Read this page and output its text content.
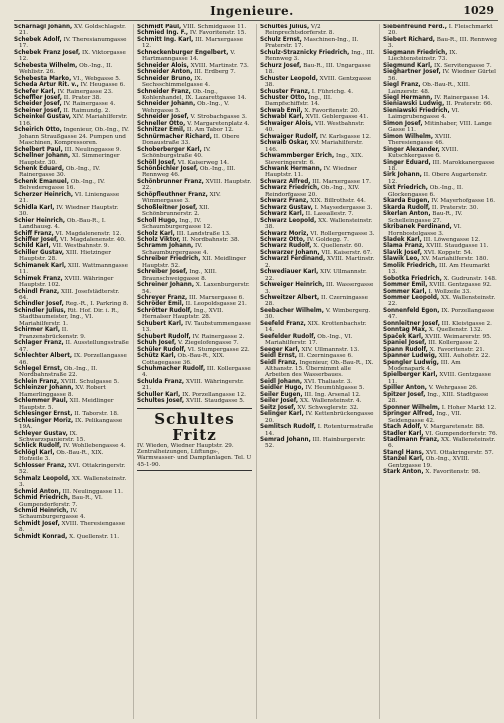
Ingenieure.	1029
Scharnagl Johann, XV. Goldschlagstr. 21.
Schebek Adolf, IV. Theresianumgasse 17.
Schebek Franz Josef, IX. Viktorgasse 12.
Schebesta Wilhelm, Ob.-Ing., II. Wehlistr. 26.
Schebesta Marko, VI., Webgasse 5.
Scheda Artur Rit. v., IV. Heugasse 6.
Schefer Karl, IV. Rainergasse 23.
Scheffler Josef, II. Prater 38.
Scheider Josef, IV. Rainergasse 4.
Scheiner Josef, II. Raimundg. 2.
Scheinkel Gustav, XIV. Mariahilferstr. 116.
Scheirich Otto, Ingenieur, Ob.-Ing., IV. Johann Straußgasse 24. Pumpen und Maschinen, Kompressoren.
Schelbert Paul, III. Neulinggasse 9.
Schellner Johann, XI. Simmeringer Hauptstr. 30.
Schenk Eduard, Ob.-Ing., IV. Rainergasse 30.
Schenk Emanuel, Ob.-Ing., IV. Belvederegasse 16.
Scherzer Heinrich, VI. Liniengasse 21.
Schidla Karl, IV. Wiedner Hauptstr. 30.
Schier Heinrich, Ob.-Bau-R., I. Landhausg. 4.
Schiff Franz, VI. Magdalenenstr. 12.
Schiffer Josef, VI. Magdalenenstr. 40.
Schild Karl, VII. Westbahnstr. 9.
Schiller Gustav, XIII. Hietzinger Hauptstr. 28.
Schimanek Karl, XIII. Wattmanngasse 11.
Schimek Franz, XVIII. Währinger Hauptstr. 102.
Schindl Franz, XIII. Josefstädterstr. 64.
Schindler Josef, Reg.-R., I. Parkring 8.
Schindler Julius, Rit. Hof. Dir. i. R., Stadtbaumeister, Ing., VI. Mariahilferstr. 1.
Schirmer Karl, II. Franzensbrückenstr. 9.
Schlager Franz, II. Ausstellungsstraße 47.
Schlechter Albert, IX. Porzellangasse 46.
Schlegel Ernst, Ob.-Ing., II. Nordbahnstraße 22.
Schlein Franz, XVIII. Schulgasse 5.
Schleinzer Johann, XV. Robert Hamerlinggasse 8.
Schlemmer Paul, XII. Meidlinger Hauptstr. 5.
Schlesinger Ernst, II. Taborstr. 18.
Schlesinger Moriz, IX. Pelikangasse 19A.
Schleyer Gustav, IX. Schwarzspanierstr. 15.
Schlick Rudolf, IV. Wohllebengasse 4.
Schlögl Karl, Ob.-Bau-R., XIX. Hofzeile 3.
Schlosser Franz, XVI. Ottakringerstr. 52.
Schmalz Leopold, XX. Wallensteinstr. 3.
Schmid Anton, III. Neulinggasse 11.
Schmid Friedrich, Bau-R., VI. Gumpendorferstr. 7.
Schmid Heinrich, IV. Schaumburgergasse 4.
Schmidt Josef, XVIII. Theresiengasse 8.
Schmidt Konrad, X. Quellenstr. 11.
Schmidt Paul, VIII. Schmidgasse 11.
Schmied Ing. F., IV. Favoritenstr. 15.
Schmitt Ing. Karl, III. Marxergasse 12.
Schneckenburger Engelbert, V. Hartmanngasse 14.
Schneider Alois, XVIII. Martinstr. 73.
Schneider Anton, III. Erdberg 7.
Schneider Bruno, IX. Sechsschimmelgasse 4.
Schneider Franz, Ob.-Ing., Kohlenhandel, IX. Lazarettgasse 14.
Schneider Johann, Ob.-Ing., V. Wehrgasse 5.
Schneider Josef, V. Strobachgasse 3.
Schneller Otto, V. Margaretenplatz 4.
Schnitzer Emil, II. Am Tabor 12.
Schnürmacher Richard, II. Obere Donaustraße 33.
Schoberberger Karl, IV. Schönburgstraße 40.
Schöll Josef, VI. Kaiserweg 14.
Schönbichler Josef, Ob.-Ing., III. Rennweg 46.
Schönbrunner Franz, XVIII. Hauptstr. 22.
Schöpfleuthner Franz, XIV. Wimmergasse 3.
Schoßleitner Josef, XII. Schönbrunnerstr. 2.
Scholl Hugo, Ing., IV. Schaumburgergasse 12.
Scholz Karl, III. Landstraße 13.
Scholz Viktor, II. Nordbahnstr. 38.
Schramm Johann, IV. Schaumburgergasse 4.
Schreiber Friedrich, XII. Meidlinger Hauptstr. 52.
Schreiber Josef, Ing., XIII. Braunschweiggasse 8.
Schreiner Johann, X. Laxenburgerstr. 54.
Schreyer Franz, III. Marxergasse 6.
Schröder Emil, II. Leopoldsgasse 21.
Schrötter Rudolf, Ing., XVII. Hernalser Hauptstr. 28.
Schubert Karl, IV. Taubstummengasse 13.
Schubert Rudolf, IV. Rainergasse 2.
Schuh Josef, V. Ziegelofengasse 7.
Schüler Rudolf, VI. Stumpergasse 22.
Schütz Karl, Ob.-Bau-R., XIX. Cottagegasse 36.
Schuhmacher Rudolf, III. Kollergasse 4.
Schulda Franz, XVIII. Währingerstr. 21.
Schuller Karl, IX. Porzellangasse 12.
Schultes Josef, XVIII. Staudgasse 5.
Schultes Fritz
IV. Wieden, Wiedner Hauptstr. 29. Zentralheizungen, Lüftungs-, Warmwasser- und Dampfanlagen. Tel. U 45-1-90.
Schultes Julius, V/2 Reinprechtsdorferstr. 8.
Schulz Ernst, Maschinen-Ing., II. Praterstr. 17.
Schulz-Straznicky Friedrich, Ing., III. Rennweg 3.
Schurz Josef, Bau-R., III. Ungargasse 18.
Schuster Leopold, XVIII. Gentzgasse 38.
Schuster Franz, I. Führichg. 4.
Schuster Otto, Ing., III. Dampfschiffstr. 14.
Schwab Emil, X. Favoritenstr. 20.
Schwabl Karl, XVII. Geblergasse 41.
Schwaiger Alois, VII. Westbahnstr. 40.
Schwaiger Rudolf, IV. Karlsgasse 12.
Schwalb Oskar, XV. Mariahilferstr. 146.
Schwammberger Erich, Ing., XIX. Sieveringerstr. 6.
Schwank Hermann, IV. Wiedner Hauptstr. 11.
Schwarz Alfred, III. Marxergasse 17.
Schwarz Friedrich, Ob.-Ing., XIV. Reindorfgasse 20.
Schwarz Franz, XIX. Billrothstr. 44.
Schwarz Gustav, I. Maysedergasse 3.
Schwarz Karl, II. Lassallestr. 7.
Schwarz Leopold, XX. Wallensteinstr. 38.
Schwarz Moriz, VI. Rollergerngasse 3.
Schwarz Otto, IV. Goldegg. 7.
Schwarz Rudolf, X. Quellenstr. 60.
Schwarzer Johann, VII. Kaiserstr. 67.
Schwarzl Ferdinand, XVIII. Martinstr. 2.
Schwediauer Karl, XIV. Ullmannstr. 22.
Schweiger Heinrich, III. Wassergasse 3.
Schweitzer Albert, II. Czerningasse 28.
Seebacher Wilhelm, V. Wimbergerg. 30.
Seefeld Franz, XIX. Krottenbachstr. 14.
Seefelder Rudolf, Ob.-Ing., VI. Mariahilferstr. 17.
Seeger Karl, XIV. Ullmannstr. 13.
Seidl Ernst, II. Czerningasse 6.
Seidl Franz, Ingenieur, Ob.-Bau-R., IX. Althanstr. 15. Übernimmt alle Arbeiten des Wasserbaues.
Seidl Johann, XVI. Thaliastr. 3.
Seidler Hugo, IV. Heumühlgasse 5.
Seiler Eugen, III. Ing. Arsenal 12.
Seiler Josef, XX. Wallensteinstr. 4.
Seitz Josef, XV. Schweglerstr. 32.
Selinger Karl, IV. Kettenbrückengasse 20.
Semlitsch Rudolf, I. Rotenturmstraße 14.
Semrad Johann, III. Hainburgerstr. 52.
Siebenfreund Ferd., I. Fleischmarkt 20.
Siebert Richard, Bau-R., III. Rennweg 3.
Siegmann Friedrich, IX. Liechtensteinstr. 73.
Siegmund Karl, IX. Servitengasse 7.
Sieghartner Josef, IV. Wiedner Gürtel 56.
Siegl Franz, Ob.-Bau-R., XIII. Lainzerstr. 48.
Siegl Hermann, IV. Rainergasse 14.
Sieniawski Ludwig, II. Praterstr. 66.
Sieniawski Friedrich, VI. Laimgrubengasse 4.
Simon Josef, Mitinhaber, VIII. Lange Gasse 11.
Simon Wilhelm, XVIII. Theresiengasse 46.
Singer Alexander, XVIII. Kutschkergasse 6.
Singer Eduard, III. Marokkanergasse 18.
Sirk Johann, II. Obere Augartenstr. 12.
Sixt Friedrich, Ob.-Ing., II. Glockengasse 6.
Skarda Eugen, IV. Mayerhofgasse 16.
Skarda Rudolf, II. Praterstr. 30.
Skerlan Anton, Bau-R., IV. Schelleingasse 27.
Skribanek Ferdinand, VI. Hornbostelgasse 3.
Sladek Karl, III. Löwengasse 12.
Slama Franz, XVIII. Staudgasse 11.
Slavik Josef, XVI. Koppstr. 54.
Slawik Leo, XV. Mariahilferstr. 180.
Smolik Friedrich, III. Am Heumarkt 13.
Sobotka Friedrich, X. Gudrunstr. 148.
Sommer Emil, XVIII. Gentzgasse 92.
Sommer Karl, I. Wollzeile 33.
Sommer Leopold, XX. Wallensteinstr. 22.
Sonnenfeld Egon, IX. Porzellangasse 47.
Sonnleitner Josef, III. Kleistgasse 2.
Sonntag Max, X. Quellenstr. 132.
Spaček Karl, XVIII. Weimarerstr. 95.
Spaniel Josef, III. Kollergasse 2.
Spann Rudolf, X. Favoritenstr. 21.
Spanner Ludwig, XIII. Auhofstr. 22.
Spengler Ludwig, III. Am Modenapark 4.
Spielberger Karl, XVIII. Gentzgasse 11.
Spiller Anton, V. Wehrgasse 26.
Spitzer Josef, Ing., XIII. Stadtgasse 28.
Sponner Wilhelm, I. Hoher Markt 12.
Springer Alfred, Ing., VII. Seidengasse 42.
Stach Adolf, V. Margaretenstr. 88.
Stadler Karl, VI. Gumpendorferstr. 76.
Stadlmann Franz, XX. Wallensteinstr. 6.
Stangl Hans, XVI. Ottakringerstr. 57.
Stanzel Karl, Ob.-Ing., XVIII. Gentzgasse 19.
Stark Anton, X. Favoritenstr. 98.
